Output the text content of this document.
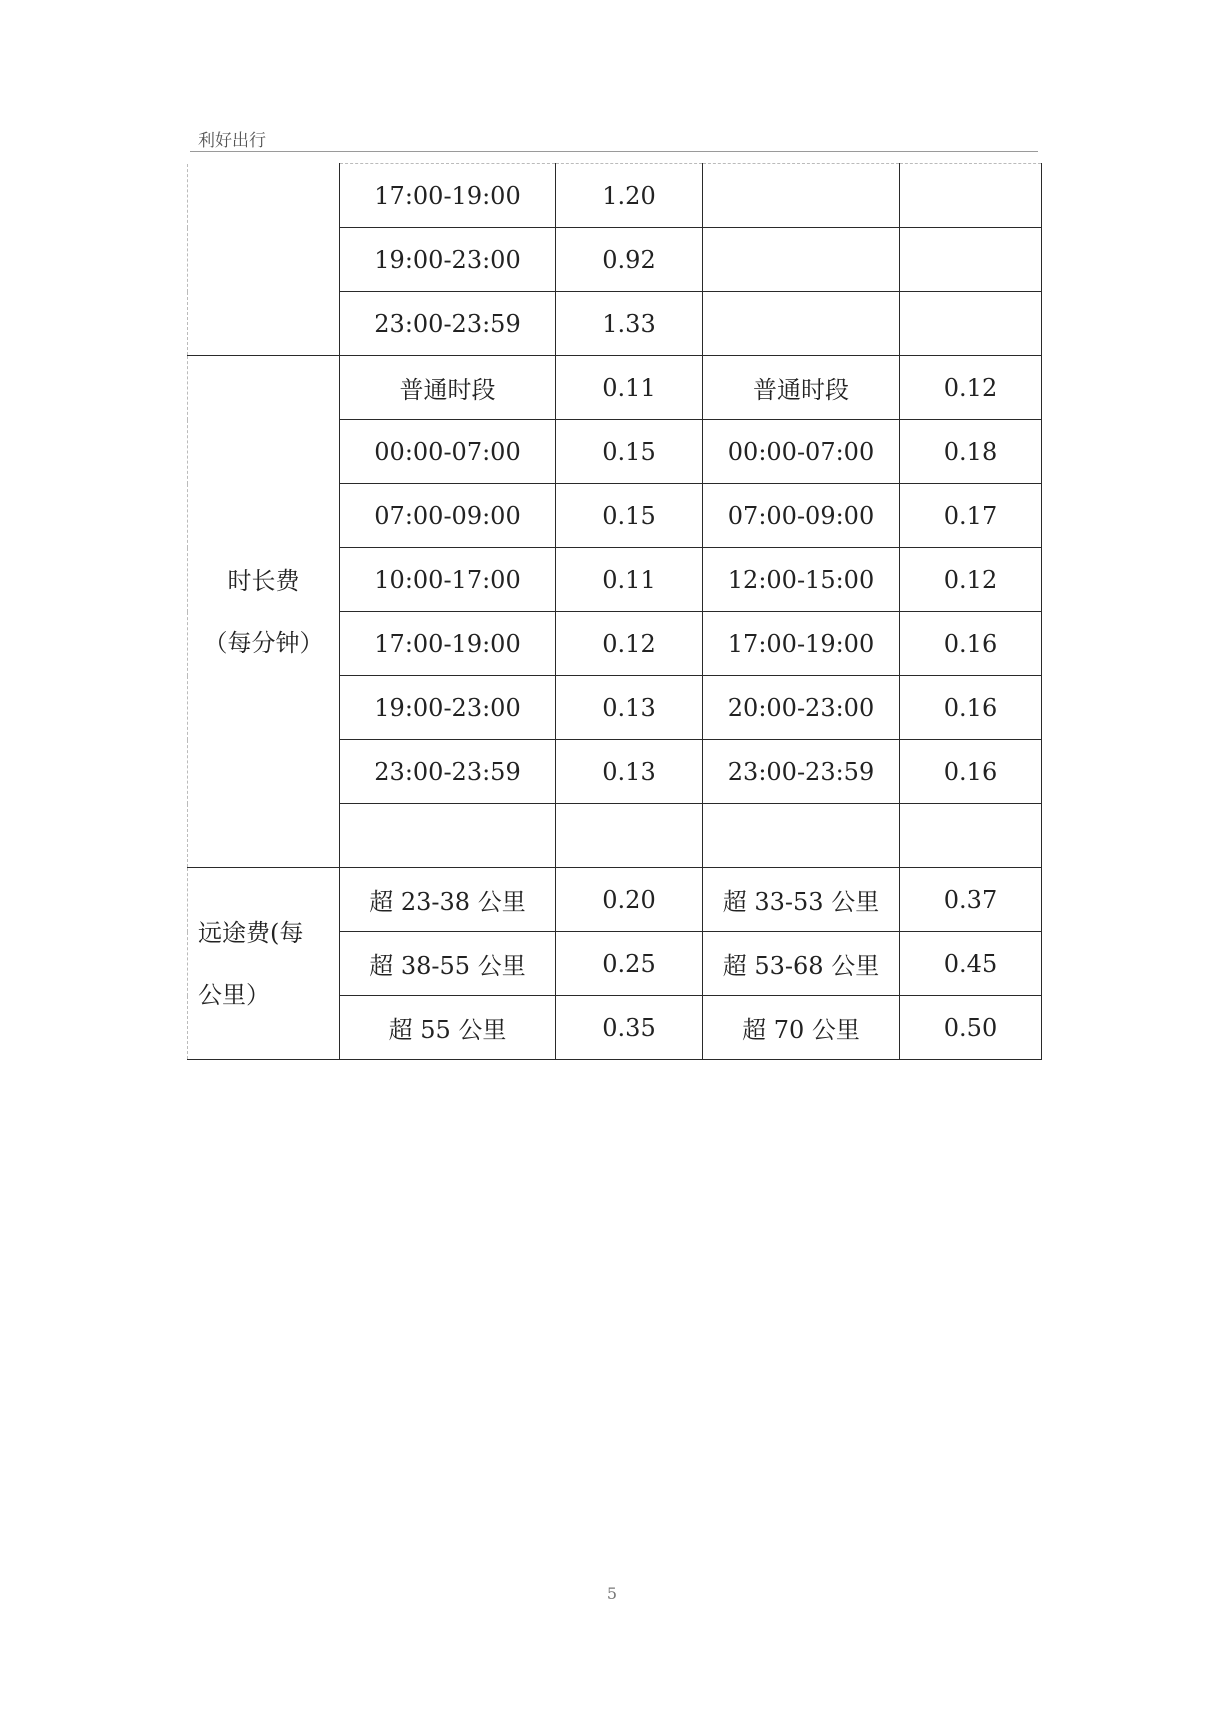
利好出行
	17:00-19:00	1.20		
	19:00-23:00	0.92		
	23:00-23:59	1.33		

时长费
（每分钟）	普通时段	0.11	普通时段	0.12
	00:00-07:00	0.15	00:00-07:00	0.18
	07:00-09:00	0.15	07:00-09:00	0.17
	10:00-17:00	0.11	12:00-15:00	0.12
	17:00-19:00	0.12	17:00-19:00	0.16
	19:00-23:00	0.13	20:00-23:00	0.16
	23:00-23:59	0.13	23:00-23:59	0.16

远途费(每
公里）	超 23-38 公里	0.20	超 33-53 公里	0.37
	超 38-55 公里	0.25	超 53-68 公里	0.45
	超 55 公里	0.35	超 70 公里	0.50
5
